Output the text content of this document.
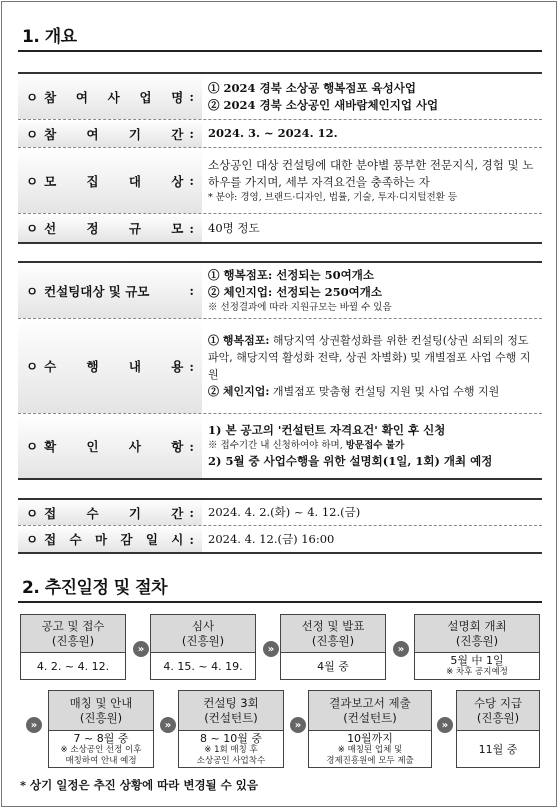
1. 개요
ㅇ 참 여 사 업 명 :
① 2024 경북 소상공 행복점포 육성사업
② 2024 경북 소상공인 새바람체인지업 사업
ㅇ 참 여 기 간 : 2024. 3. ~ 2024. 12.
ㅇ 모 집 대 상 :
소상공인 대상 컨설팅에 대한 분야별 풍부한 전문지식, 경험 및 노하우를 가지며, 세부 자격요건을 충족하는 자
* 분야: 경영, 브랜드·디자인, 법률, 기술, 투자·디지털전환 등
ㅇ 선 정 규 모 : 40명 정도
ㅇ 컨설팅대상 및 규모	:
① 행복점포: 선정되는 50여개소
② 체인지업: 선정되는 250여개소
※ 선정결과에 따라 지원규모는 바뀔 수 있음
ㅇ 수 행 내 용 :
① 행복점포: 해당지역 상권활성화를 위한 컨설팅(상권 쇠퇴의 정도 파악, 해당지역 활성화 전략, 상권 차별화) 및 개별점포 사업 수행 지원
② 체인지업: 개별점포 맞춤형 컨설팅 지원 및 사업 수행 지원
ㅇ 확 인 사 항 :
1) 본 공고의 '컨설턴트 자격요건' 확인 후 신청
※ 접수기간 내 신청하여야 하며, 방문접수 불가
2) 5월 중 사업수행을 위한 설명회(1일, 1회) 개최 예정
ㅇ 접 수 기 간 : 2024. 4. 2.(화) ~ 4. 12.(금)
ㅇ 접 수 마 감 일 시 : 2024. 4. 12.(금) 16:00
2. 추진일정 및 절차
공고 및 접수
(진흥원)
4. 2. ~ 4. 12.
»
심사
(진흥원)
4. 15. ~ 4. 19.
»
선정 및 발표
(진흥원)
4월 중
»
설명회 개최
(진흥원)
5월 中 1일
※ 차후 공지예정
»
매칭 및 안내
(진흥원)
7 ~ 8월 중
※ 소상공인 선정 이후
매칭하여 안내 예정
»
컨설팅 3회
(컨설턴트)
8 ~ 10월 중
※ 1회 매칭 후
소상공인 사업착수
»
결과보고서 제출
(컨설턴트)
10월까지
※ 매칭된 업체 및
경제진흥원에 모두 제출
»
수당 지급
(진흥원)
11월 중
* 상기 일정은 추진 상황에 따라 변경될 수 있음
